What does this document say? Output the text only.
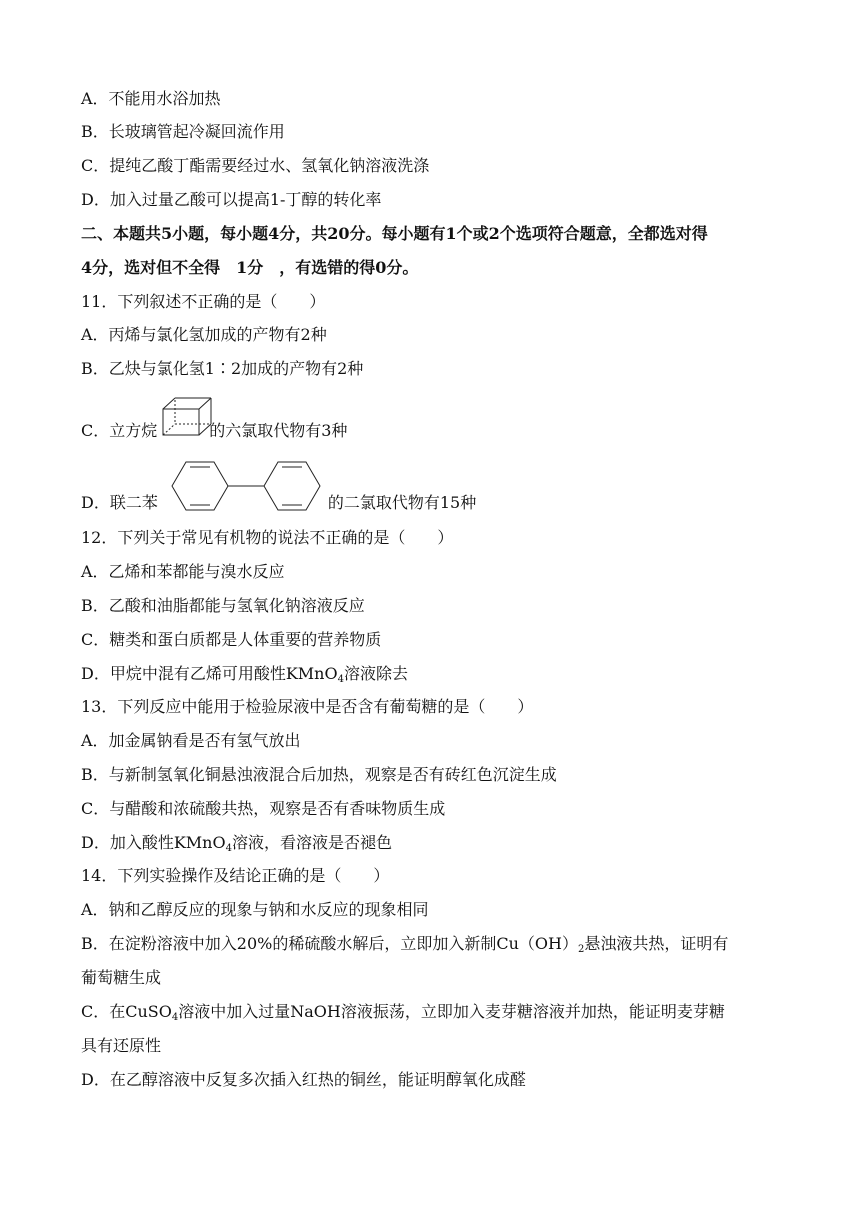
A．不能用水浴加热
B．长玻璃管起冷凝回流作用
C．提纯乙酸丁酯需要经过水、氢氧化钠溶液洗涤
D．加入过量乙酸可以提高1-丁醇的转化率
二、本题共5小题，每小题4分，共20分。每小题有1个或2个选项符合题意，全都选对得
4分，选对但不全得　1分　，有选错的得0分。
11．下列叙述不正确的是（　　）
A．丙烯与氯化氢加成的产物有2种
B．乙炔与氯化氢1∶2加成的产物有2种
C．立方烷	的六氯取代物有3种
D．联二苯	的二氯取代物有15种
12．下列关于常见有机物的说法不正确的是（　　）
A．乙烯和苯都能与溴水反应
B．乙酸和油脂都能与氢氧化钠溶液反应
C．糖类和蛋白质都是人体重要的营养物质
D．甲烷中混有乙烯可用酸性KMnO$_4$溶液除去
13．下列反应中能用于检验尿液中是否含有葡萄糖的是（　　）
A．加金属钠看是否有氢气放出
B．与新制氢氧化铜悬浊液混合后加热，观察是否有砖红色沉淀生成
C．与醋酸和浓硫酸共热，观察是否有香味物质生成
D．加入酸性KMnO$_4$溶液，看溶液是否褪色
14．下列实验操作及结论正确的是（　　）
A．钠和乙醇反应的现象与钠和水反应的现象相同
B．在淀粉溶液中加入20%的稀硫酸水解后，立即加入新制$Cu(OH)_2$悬浊液共热，证明有
葡萄糖生成
C．在CuSO$_4$溶液中加入过量NaOH溶液振荡，立即加入麦芽糖溶液并加热，能证明麦芽糖
具有还原性
D．在乙醇溶液中反复多次插入红热的铜丝，能证明醇氧化成醛
